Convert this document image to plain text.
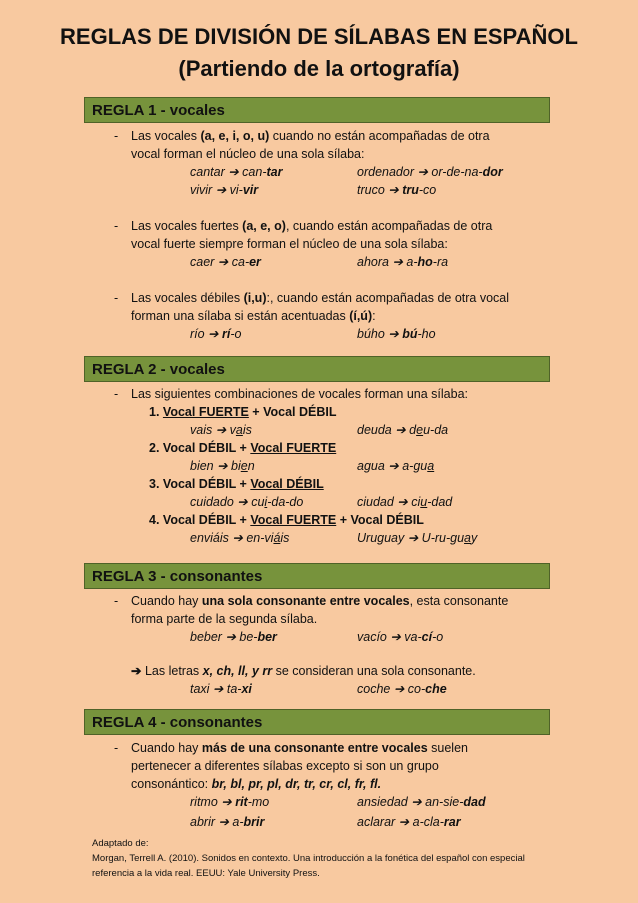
REGLAS DE DIVISIÓN DE SÍLABAS EN ESPAÑOL
(Partiendo de la ortografía)
REGLA 1 - vocales
- Las vocales (a, e, i, o, u) cuando no están acompañadas de otra
vocal forman el núcleo de una sola sílaba:
cantar ➔ can-tar	ordenador ➔ or-de-na-dor
vivir ➔ vi-vir	truco ➔ tru-co
- Las vocales fuertes (a, e, o), cuando están acompañadas de otra
vocal fuerte siempre forman el núcleo de una sola sílaba:
caer ➔ ca-er	ahora ➔ a-ho-ra
- Las vocales débiles (i,u):, cuando están acompañadas de otra vocal
forman una sílaba si están acentuadas (í,ú):
río ➔ rí-o	búho ➔ bú-ho
REGLA 2 - vocales
- Las siguientes combinaciones de vocales forman una sílaba:
1. Vocal FUERTE + Vocal DÉBIL
vais ➔ vais	deuda ➔ deu-da
2. Vocal DÉBIL + Vocal FUERTE
bien ➔ bien	agua ➔ a-gua
3. Vocal DÉBIL + Vocal DÉBIL
cuidado ➔ cui-da-do	ciudad ➔ ciu-dad
4. Vocal DÉBIL + Vocal FUERTE + Vocal DÉBIL
enviáis ➔ en-viáis	Uruguay ➔ U-ru-guay
REGLA 3 - consonantes
- Cuando hay una sola consonante entre vocales, esta consonante
forma parte de la segunda sílaba.
beber ➔ be-ber	vacío ➔ va-cí-o
➔ Las letras x, ch, ll, y rr se consideran una sola consonante.
taxi ➔ ta-xi	coche ➔ co-che
REGLA 4 - consonantes
- Cuando hay más de una consonante entre vocales suelen
pertenecer a diferentes sílabas excepto si son un grupo
consonántico: br, bl, pr, pl, dr, tr, cr, cl, fr, fl.
ritmo ➔ rit-mo	ansiedad ➔ an-sie-dad
abrir ➔ a-brir	aclarar ➔ a-cla-rar
Adaptado de:
Morgan, Terrell A. (2010). Sonidos en contexto. Una introducción a la fonética del español con especial
referencia a la vida real. EEUU: Yale University Press.
